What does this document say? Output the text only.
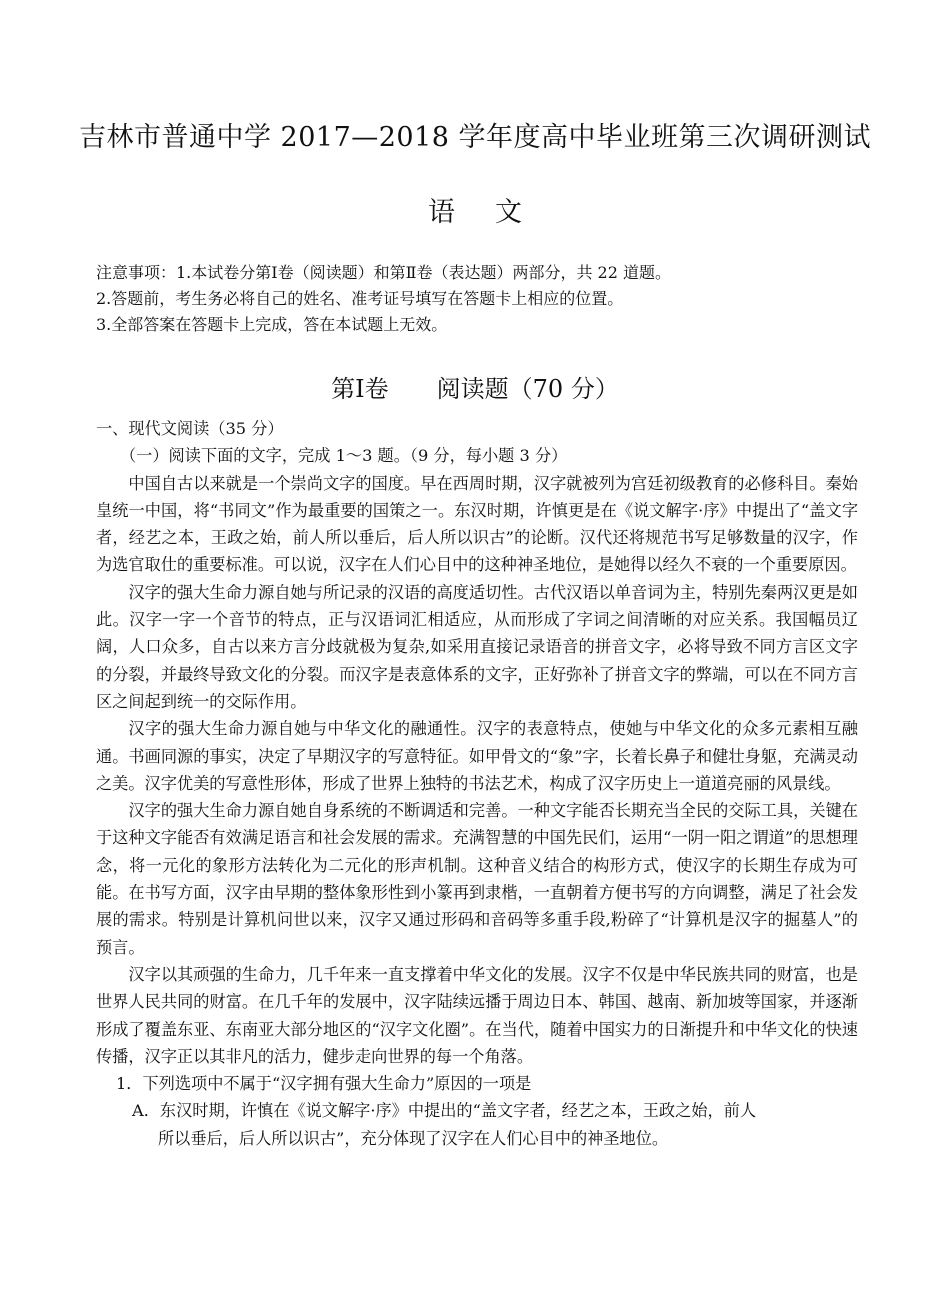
吉林市普通中学 2017—2018 学年度高中毕业班第三次调研测试
语文
注意事项：1.本试卷分第Ⅰ卷（阅读题）和第Ⅱ卷（表达题）两部分，共 22 道题。
2.答题前，考生务必将自己的姓名、准考证号填写在答题卡上相应的位置。
3.全部答案在答题卡上完成，答在本试题上无效。
第Ⅰ卷　　阅读题（70 分）
一、现代文阅读（35 分）
（一）阅读下面的文字，完成 1～3 题。（9 分，每小题 3 分）

中国自古以来就是一个崇尚文字的国度。早在西周时期，汉字就被列为宫廷初级教育的必修科目。秦始皇统一中国，将“书同文”作为最重要的国策之一。东汉时期，许慎更是在《说文解字·序》中提出了“盖文字者，经艺之本，王政之始，前人所以垂后，后人所以识古”的论断。汉代还将规范书写足够数量的汉字，作为选官取仕的重要标准。可以说，汉字在人们心目中的这种神圣地位，是她得以经久不衰的一个重要原因。

汉字的强大生命力源自她与所记录的汉语的高度适切性。古代汉语以单音词为主，特别先秦两汉更是如此。汉字一字一个音节的特点，正与汉语词汇相适应，从而形成了字词之间清晰的对应关系。我国幅员辽阔，人口众多，自古以来方言分歧就极为复杂,如采用直接记录语音的拼音文字，必将导致不同方言区文字的分裂，并最终导致文化的分裂。而汉字是表意体系的文字，正好弥补了拼音文字的弊端，可以在不同方言区之间起到统一的交际作用。

汉字的强大生命力源自她与中华文化的融通性。汉字的表意特点，使她与中华文化的众多元素相互融通。书画同源的事实，决定了早期汉字的写意特征。如甲骨文的“象”字，长着长鼻子和健壮身躯，充满灵动之美。汉字优美的写意性形体，形成了世界上独特的书法艺术，构成了汉字历史上一道道亮丽的风景线。

汉字的强大生命力源自她自身系统的不断调适和完善。一种文字能否长期充当全民的交际工具，关键在于这种文字能否有效满足语言和社会发展的需求。充满智慧的中国先民们，运用“一阴一阳之谓道”的思想理念，将一元化的象形方法转化为二元化的形声机制。这种音义结合的构形方式，使汉字的长期生存成为可能。在书写方面，汉字由早期的整体象形性到小篆再到隶楷，一直朝着方便书写的方向调整，满足了社会发展的需求。特别是计算机问世以来，汉字又通过形码和音码等多重手段,粉碎了“计算机是汉字的掘墓人”的预言。

汉字以其顽强的生命力，几千年来一直支撑着中华文化的发展。汉字不仅是中华民族共同的财富，也是世界人民共同的财富。在几千年的发展中，汉字陆续远播于周边日本、韩国、越南、新加坡等国家，并逐渐形成了覆盖东亚、东南亚大部分地区的“汉字文化圈”。在当代，随着中国实力的日渐提升和中华文化的快速传播，汉字正以其非凡的活力，健步走向世界的每一个角落。

1．下列选项中不属于“汉字拥有强大生命力”原因的一项是
A．东汉时期，许慎在《说文解字·序》中提出的“盖文字者，经艺之本，王政之始，前人
所以垂后，后人所以识古”，充分体现了汉字在人们心目中的神圣地位。
